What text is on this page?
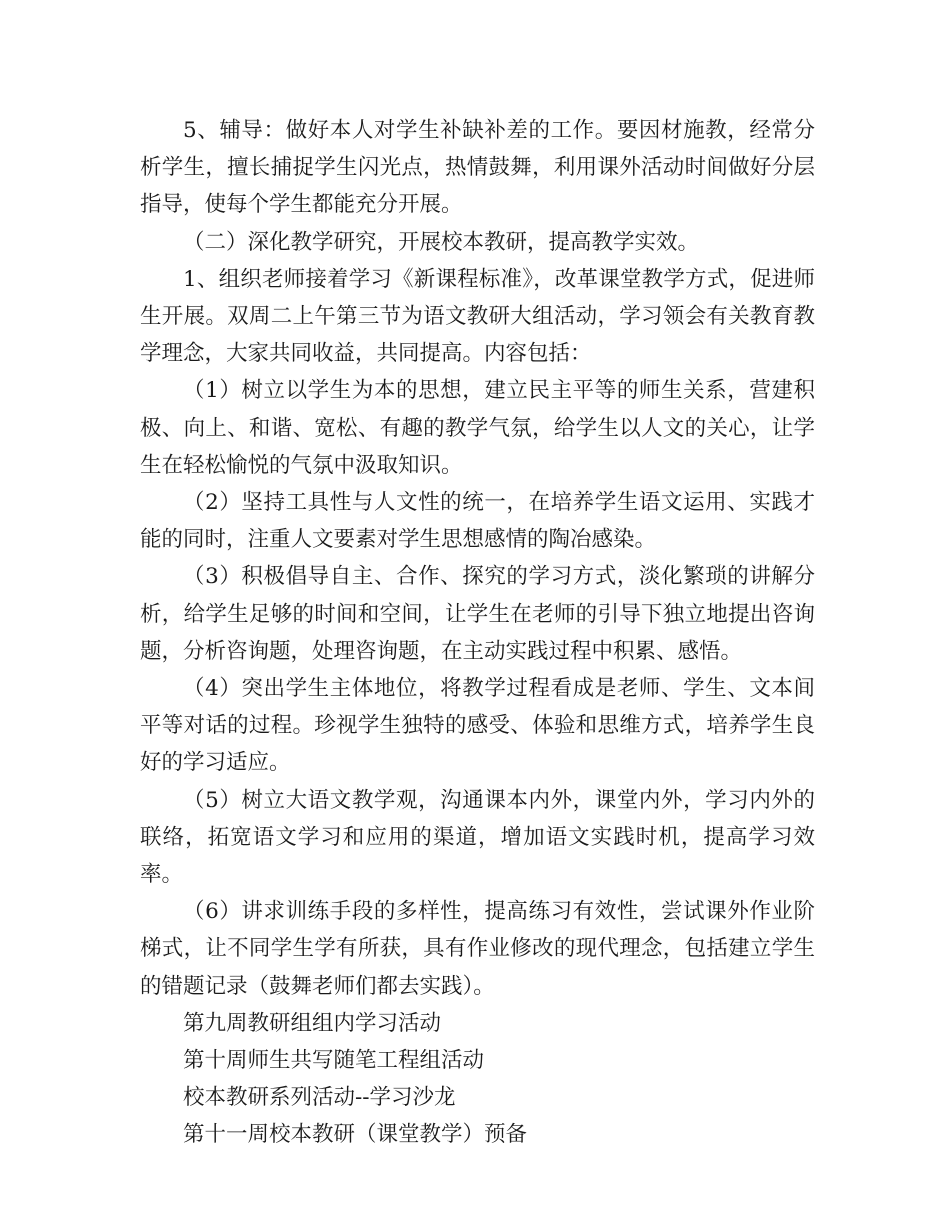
5、辅导：做好本人对学生补缺补差的工作。要因材施教，经常分析学生，擅长捕捉学生闪光点，热情鼓舞，利用课外活动时间做好分层指导，使每个学生都能充分开展。

（二）深化教学研究，开展校本教研，提高教学实效。

1、组织老师接着学习《新课程标准》，改革课堂教学方式，促进师生开展。双周二上午第三节为语文教研大组活动，学习领会有关教育教学理念，大家共同收益，共同提高。内容包括：

（1）树立以学生为本的思想，建立民主平等的师生关系，营建积极、向上、和谐、宽松、有趣的教学气氛，给学生以人文的关心，让学生在轻松愉悦的气氛中汲取知识。

（2）坚持工具性与人文性的统一，在培养学生语文运用、实践才能的同时，注重人文要素对学生思想感情的陶冶感染。

（3）积极倡导自主、合作、探究的学习方式，淡化繁琐的讲解分析，给学生足够的时间和空间，让学生在老师的引导下独立地提出咨询题，分析咨询题，处理咨询题，在主动实践过程中积累、感悟。

（4）突出学生主体地位，将教学过程看成是老师、学生、文本间平等对话的过程。珍视学生独特的感受、体验和思维方式，培养学生良好的学习适应。

（5）树立大语文教学观，沟通课本内外，课堂内外，学习内外的联络，拓宽语文学习和应用的渠道，增加语文实践时机，提高学习效率。

（6）讲求训练手段的多样性，提高练习有效性，尝试课外作业阶梯式，让不同学生学有所获，具有作业修改的现代理念，包括建立学生的错题记录（鼓舞老师们都去实践）。

第九周教研组组内学习活动

第十周师生共写随笔工程组活动

校本教研系列活动--学习沙龙

第十一周校本教研（课堂教学）预备
